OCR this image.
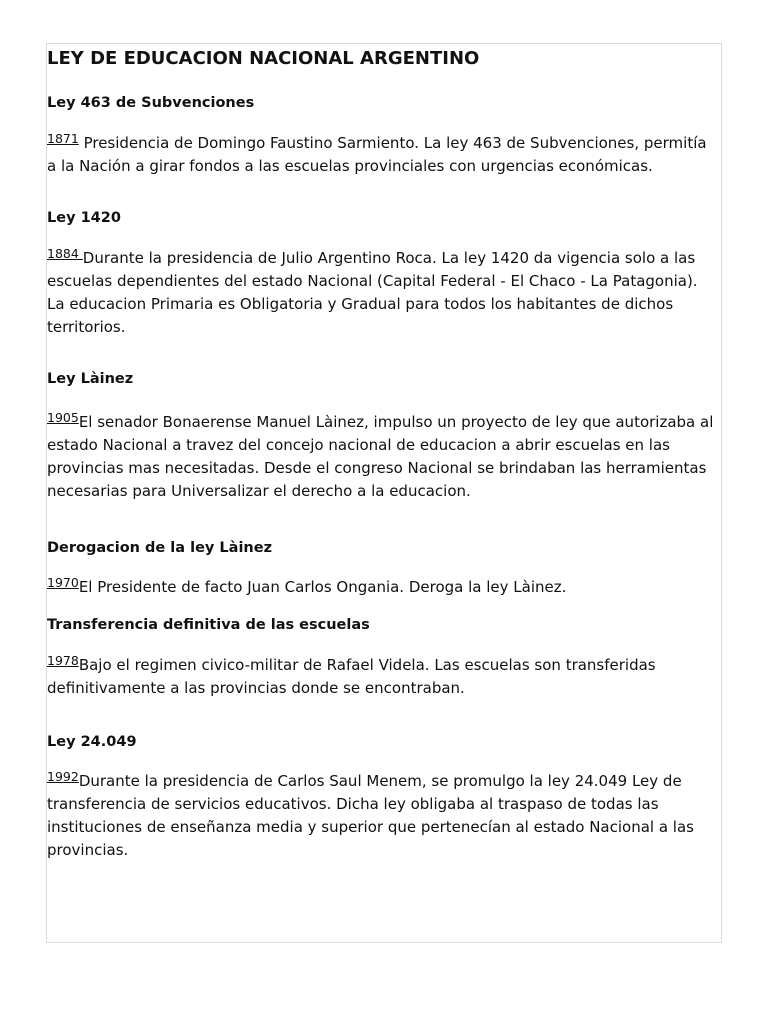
LEY DE EDUCACION NACIONAL ARGENTINO
Ley 463 de Subvenciones

$^{1871}$ Presidencia de Domingo Faustino Sarmiento. La ley 463 de Subvenciones, permitía a la Nación a girar fondos a las escuelas provinciales con urgencias económicas.

Ley 1420

$^{1884}$ Durante la presidencia de Julio Argentino Roca. La ley 1420 da vigencia solo a las escuelas dependientes del estado Nacional (Capital Federal - El Chaco - La Patagonia). La educacion Primaria es Obligatoria y Gradual para todos los habitantes de dichos territorios.

Ley Làinez

$^{1905}$El senador Bonaerense Manuel Làinez, impulso un proyecto de ley que autorizaba al estado Nacional a travez del concejo nacional de educacion a abrir escuelas en las provincias mas necesitadas. Desde el congreso Nacional se brindaban las herramientas necesarias para Universalizar el derecho a la educacion.

Derogacion de la ley Làinez

$^{1970}$El Presidente de facto Juan Carlos Ongania. Deroga la ley Làinez.

Transferencia definitiva de las escuelas

$^{1978}$Bajo el regimen civico-militar de Rafael Videla. Las escuelas son transferidas definitivamente a las provincias donde se encontraban.

Ley 24.049

$^{1992}$Durante la presidencia de Carlos Saul Menem, se promulgo la ley 24.049 Ley de transferencia de servicios educativos. Dicha ley obligaba al traspaso de todas las instituciones de enseñanza media y superior que pertenecían al estado Nacional a las provincias.
